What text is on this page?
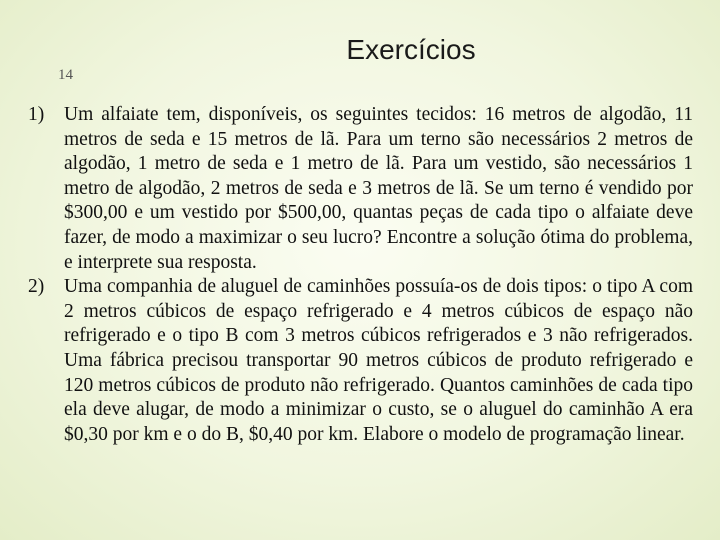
14
Exercícios
1) Um alfaiate tem, disponíveis, os seguintes tecidos: 16 metros de algodão, 11 metros de seda e 15 metros de lã. Para um terno são necessários 2 metros de algodão, 1 metro de seda e 1 metro de lã. Para um vestido, são necessários 1 metro de algodão, 2 metros de seda e 3 metros de lã. Se um terno é vendido por $300,00 e um vestido por $500,00, quantas peças de cada tipo o alfaiate deve fazer, de modo a maximizar o seu lucro? Encontre a solução ótima do problema, e interprete sua resposta.
2) Uma companhia de aluguel de caminhões possuía-os de dois tipos: o tipo A com 2 metros cúbicos de espaço refrigerado e 4 metros cúbicos de espaço não refrigerado e o tipo B com 3 metros cúbicos refrigerados e 3 não refrigerados. Uma fábrica precisou transportar 90 metros cúbicos de produto refrigerado e 120 metros cúbicos de produto não refrigerado. Quantos caminhões de cada tipo ela deve alugar, de modo a minimizar o custo, se o aluguel do caminhão A era $0,30 por km e o do B, $0,40 por km. Elabore o modelo de programação linear.
